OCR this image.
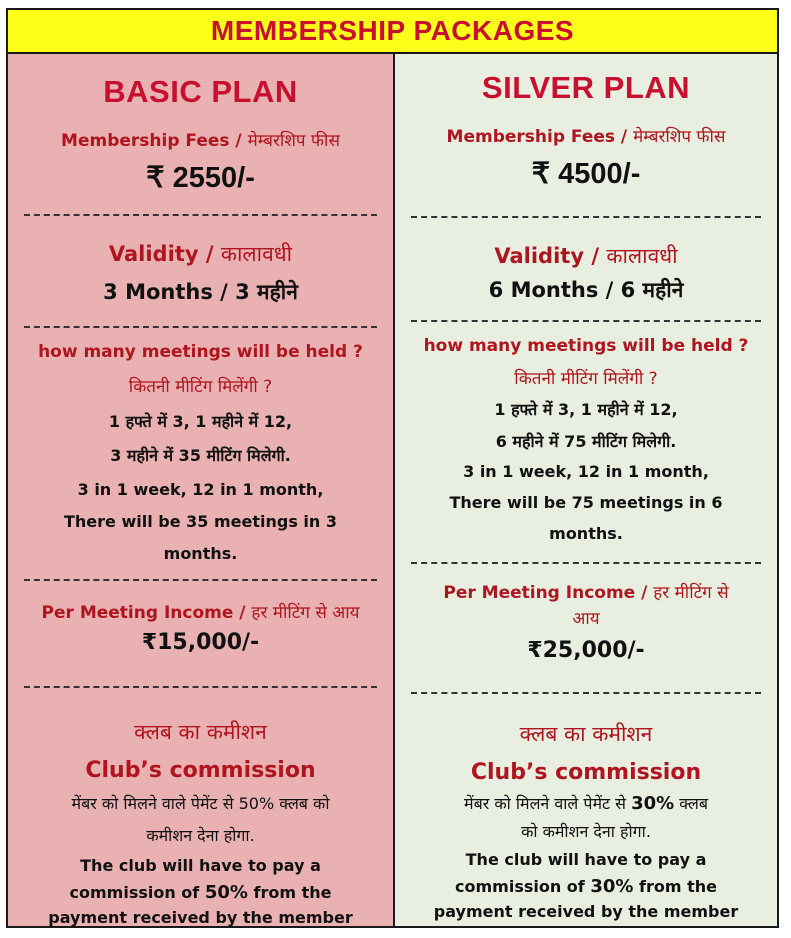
MEMBERSHIP PACKAGES
BASIC PLAN
Membership Fees / मेम्बरशिप फीस
₹ 2550/-
Validity / कालावधी
3 Months / 3 महीने
how many meetings will be held ?
कितनी मीटिंग मिलेंगी ?
1 हफ्ते में 3, 1 महीने में 12,
3 महीने में 35 मीटिंग मिलेगी.
3 in 1 week, 12 in 1 month,
There will be 35 meetings in 3
months.
Per Meeting Income / हर मीटिंग से आय
₹15,000/-
क्लब का कमीशन
Club’s commission
मेंबर को मिलने वाले पेमेंट से 50% क्लब को
कमीशन देना होगा.
The club will have to pay a
commission of 50% from the
payment received by the member
SILVER PLAN
Membership Fees / मेम्बरशिप फीस
₹ 4500/-
Validity / कालावधी
6 Months / 6 महीने
how many meetings will be held ?
कितनी मीटिंग मिलेंगी ?
1 हफ्ते में 3, 1 महीने में 12,
6 महीने में 75 मीटिंग मिलेगी.
3 in 1 week, 12 in 1 month,
There will be 75 meetings in 6
months.
Per Meeting Income / हर मीटिंग से
आय
₹25,000/-
क्लब का कमीशन
Club’s commission
मेंबर को मिलने वाले पेमेंट से 30% क्लब
को कमीशन देना होगा.
The club will have to pay a
commission of 30% from the
payment received by the member
